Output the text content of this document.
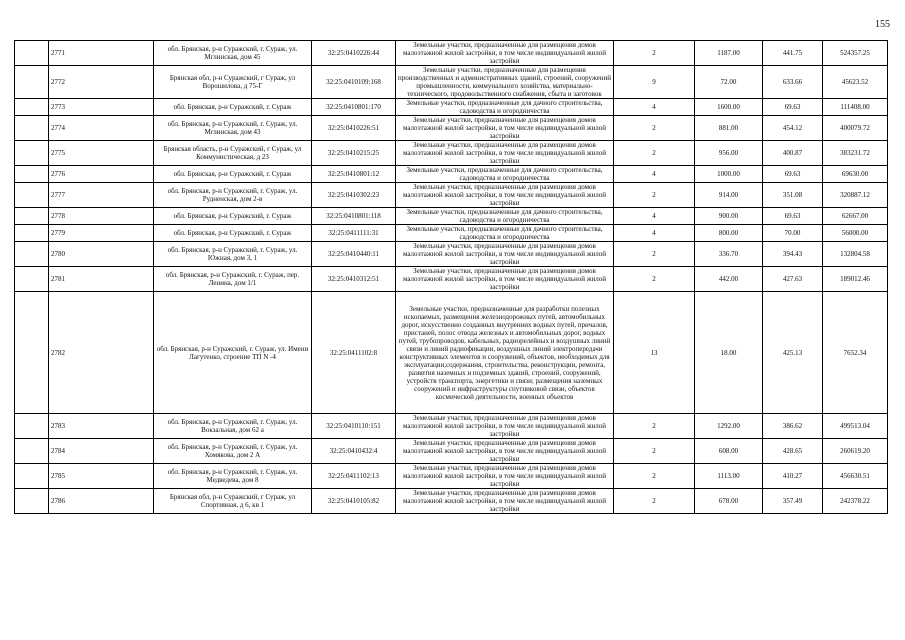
155
	2771	обл. Брянская, р-н Суражский, г. Сураж, ул. Мглинская, дом 45	32:25:0410226:44	Земельные участки, предназначенные для размещения домов малоэтажной жилой застройки, в том числе индивидуальной жилой застройки	2	1187.00	441.75	524357.25
	2772	Брянская обл, р-н Суражский, г Сураж, ул Ворошилова, д 75-Г	32:25:0410109:168	Земельные участки, предназначенные для размещения производственных и административных зданий, строений, сооружений промышленности, коммунального хозяйства, материально-технического, продовольственного снабжения, сбыта и заготовок	9	72.00	633.66	45623.52
	2773	обл. Брянская, р-н Суражский, г. Сураж	32:25:0410801:170	Земельные участки, предназначенные для дачного строительства, садоводства и огородничества	4	1600.00	69.63	111408.00
	2774	обл. Брянская, р-н Суражский, г. Сураж, ул. Мглинская, дом 43	32:25:0410226:51	Земельные участки, предназначенные для размещения домов малоэтажной жилой застройки, в том числе индивидуальной жилой застройки	2	881.00	454.12	400079.72
	2775	Брянская область, р-н Суражский, г Сураж, ул Коммунистическая, д 23	32:25:0410215:25	Земельные участки, предназначенные для размещения домов малоэтажной жилой застройки, в том числе индивидуальной жилой застройки	2	956.00	400.87	383231.72
	2776	обл. Брянская, р-н Суражский, г. Сураж	32:25:0410801:12	Земельные участки, предназначенные для дачного строительства, садоводства и огородничества	4	1000.00	69.63	69630.00
	2777	обл. Брянская, р-н Суражский, г. Сураж, ул. Рудненская, дом 2-в	32:25:0410302:23	Земельные участки, предназначенные для размещения домов малоэтажной жилой застройки, в том числе индивидуальной жилой застройки	2	914.00	351.08	320887.12
	2778	обл. Брянская, р-н Суражский, г. Сураж	32:25:0410801:118	Земельные участки, предназначенные для дачного строительства, садоводства и огородничества	4	900.00	69.63	62667.00
	2779	обл. Брянская, р-н Суражский, г. Сураж	32:25:0411111:31	Земельные участки, предназначенные для дачного строительства, садоводства и огородничества	4	800.00	70.00	56000.00
	2780	обл. Брянская, р-н Суражский, г. Сураж, ул. Южная, дом 3, 1	32:25:0410440:11	Земельные участки, предназначенные для размещения домов малоэтажной жилой застройки, в том числе индивидуальной жилой застройки	2	336.70	394.43	132804.58
	2781	обл. Брянская, р-н Суражский, г. Сураж, пер. Ленина, дом 1/1	32:25:0410312:51	Земельные участки, предназначенные для размещения домов малоэтажной жилой застройки, в том числе индивидуальной жилой застройки	2	442.00	427.63	189012.46
	2782	обл. Брянская, р-н Суражский, г. Сураж, ул. Имени Лагутенко, строение ТП N -4	32:25:0411102:8	Земельные участки, предназначенные для разработки полезных ископаемых, размещения железнодорожных путей, автомобильных дорог, искусственно созданных внутренних водных путей, причалов, пристаней, полос отвода железных и автомобильных дорог, водных путей, трубопроводов, кабельных, радиорелейных и воздушных линий связи и линий радиофикации, воздушных линий электропередачи конструктивных элементов и сооружений, объектов, необходимых для эксплуатации,содержания, строительства, реконструкции, ремонта, развития наземных и подземных зданий, строений, сооружений, устройств транспорта, энергетики и связи; размещения наземных сооружений и инфраструктуры спутниковой связи, объектов космической деятельности, военных объектов	13	18.00	425.13	7652.34
	2783	обл. Брянская, р-н Суражский, г. Сураж, ул. Вокзальная, дом 62 а	32:25:0410110:151	Земельные участки, предназначенные для размещения домов малоэтажной жилой застройки, в том числе индивидуальной жилой застройки	2	1292.00	386.62	499513.04
	2784	обл. Брянская, р-н Суражский, г. Сураж, ул. Хомякова, дом 2 А	32:25:0410432:4	Земельные участки, предназначенные для размещения домов малоэтажной жилой застройки, в том числе индивидуальной жилой застройки	2	608.00	428.65	260619.20
	2785	обл. Брянская, р-н Суражский, г. Сураж, ул. Медведева, дом 8	32:25:0411102:13	Земельные участки, предназначенные для размещения домов малоэтажной жилой застройки, в том числе индивидуальной жилой застройки	2	1113.00	410.27	456630.51
	2786	Брянская обл, р-н Суражский, г Сураж, ул Спортивная, д 6, кв 1	32:25:0410105:82	Земельные участки, предназначенные для размещения домов малоэтажной жилой застройки, в том числе индивидуальной жилой застройки	2	678.00	357.49	242378.22
